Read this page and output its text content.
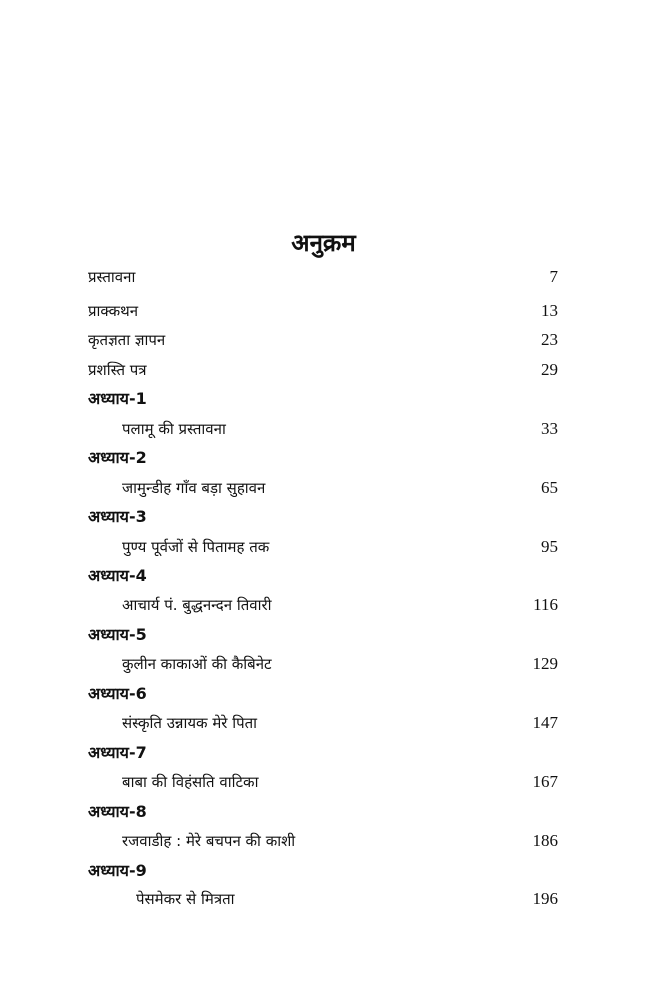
अनुक्रम
प्रस्तावना	7
प्राक्कथन	13
कृतज्ञता ज्ञापन	23
प्रशस्ति पत्र	29
अध्याय-1
पलामू की प्रस्तावना	33
अध्याय-2
जामुन्डीह गाँव बड़ा सुहावन	65
अध्याय-3
पुण्य पूर्वजों से पितामह तक	95
अध्याय-4
आचार्य पं. बुद्धनन्दन तिवारी	116
अध्याय-5
कुलीन काकाओं की कैबिनेट	129
अध्याय-6
संस्कृति उन्नायक मेरे पिता	147
अध्याय-7
बाबा की विहंसति वाटिका	167
अध्याय-8
रजवाडीह : मेरे बचपन की काशी	186
अध्याय-9
पेसमेकर से मित्रता	196
